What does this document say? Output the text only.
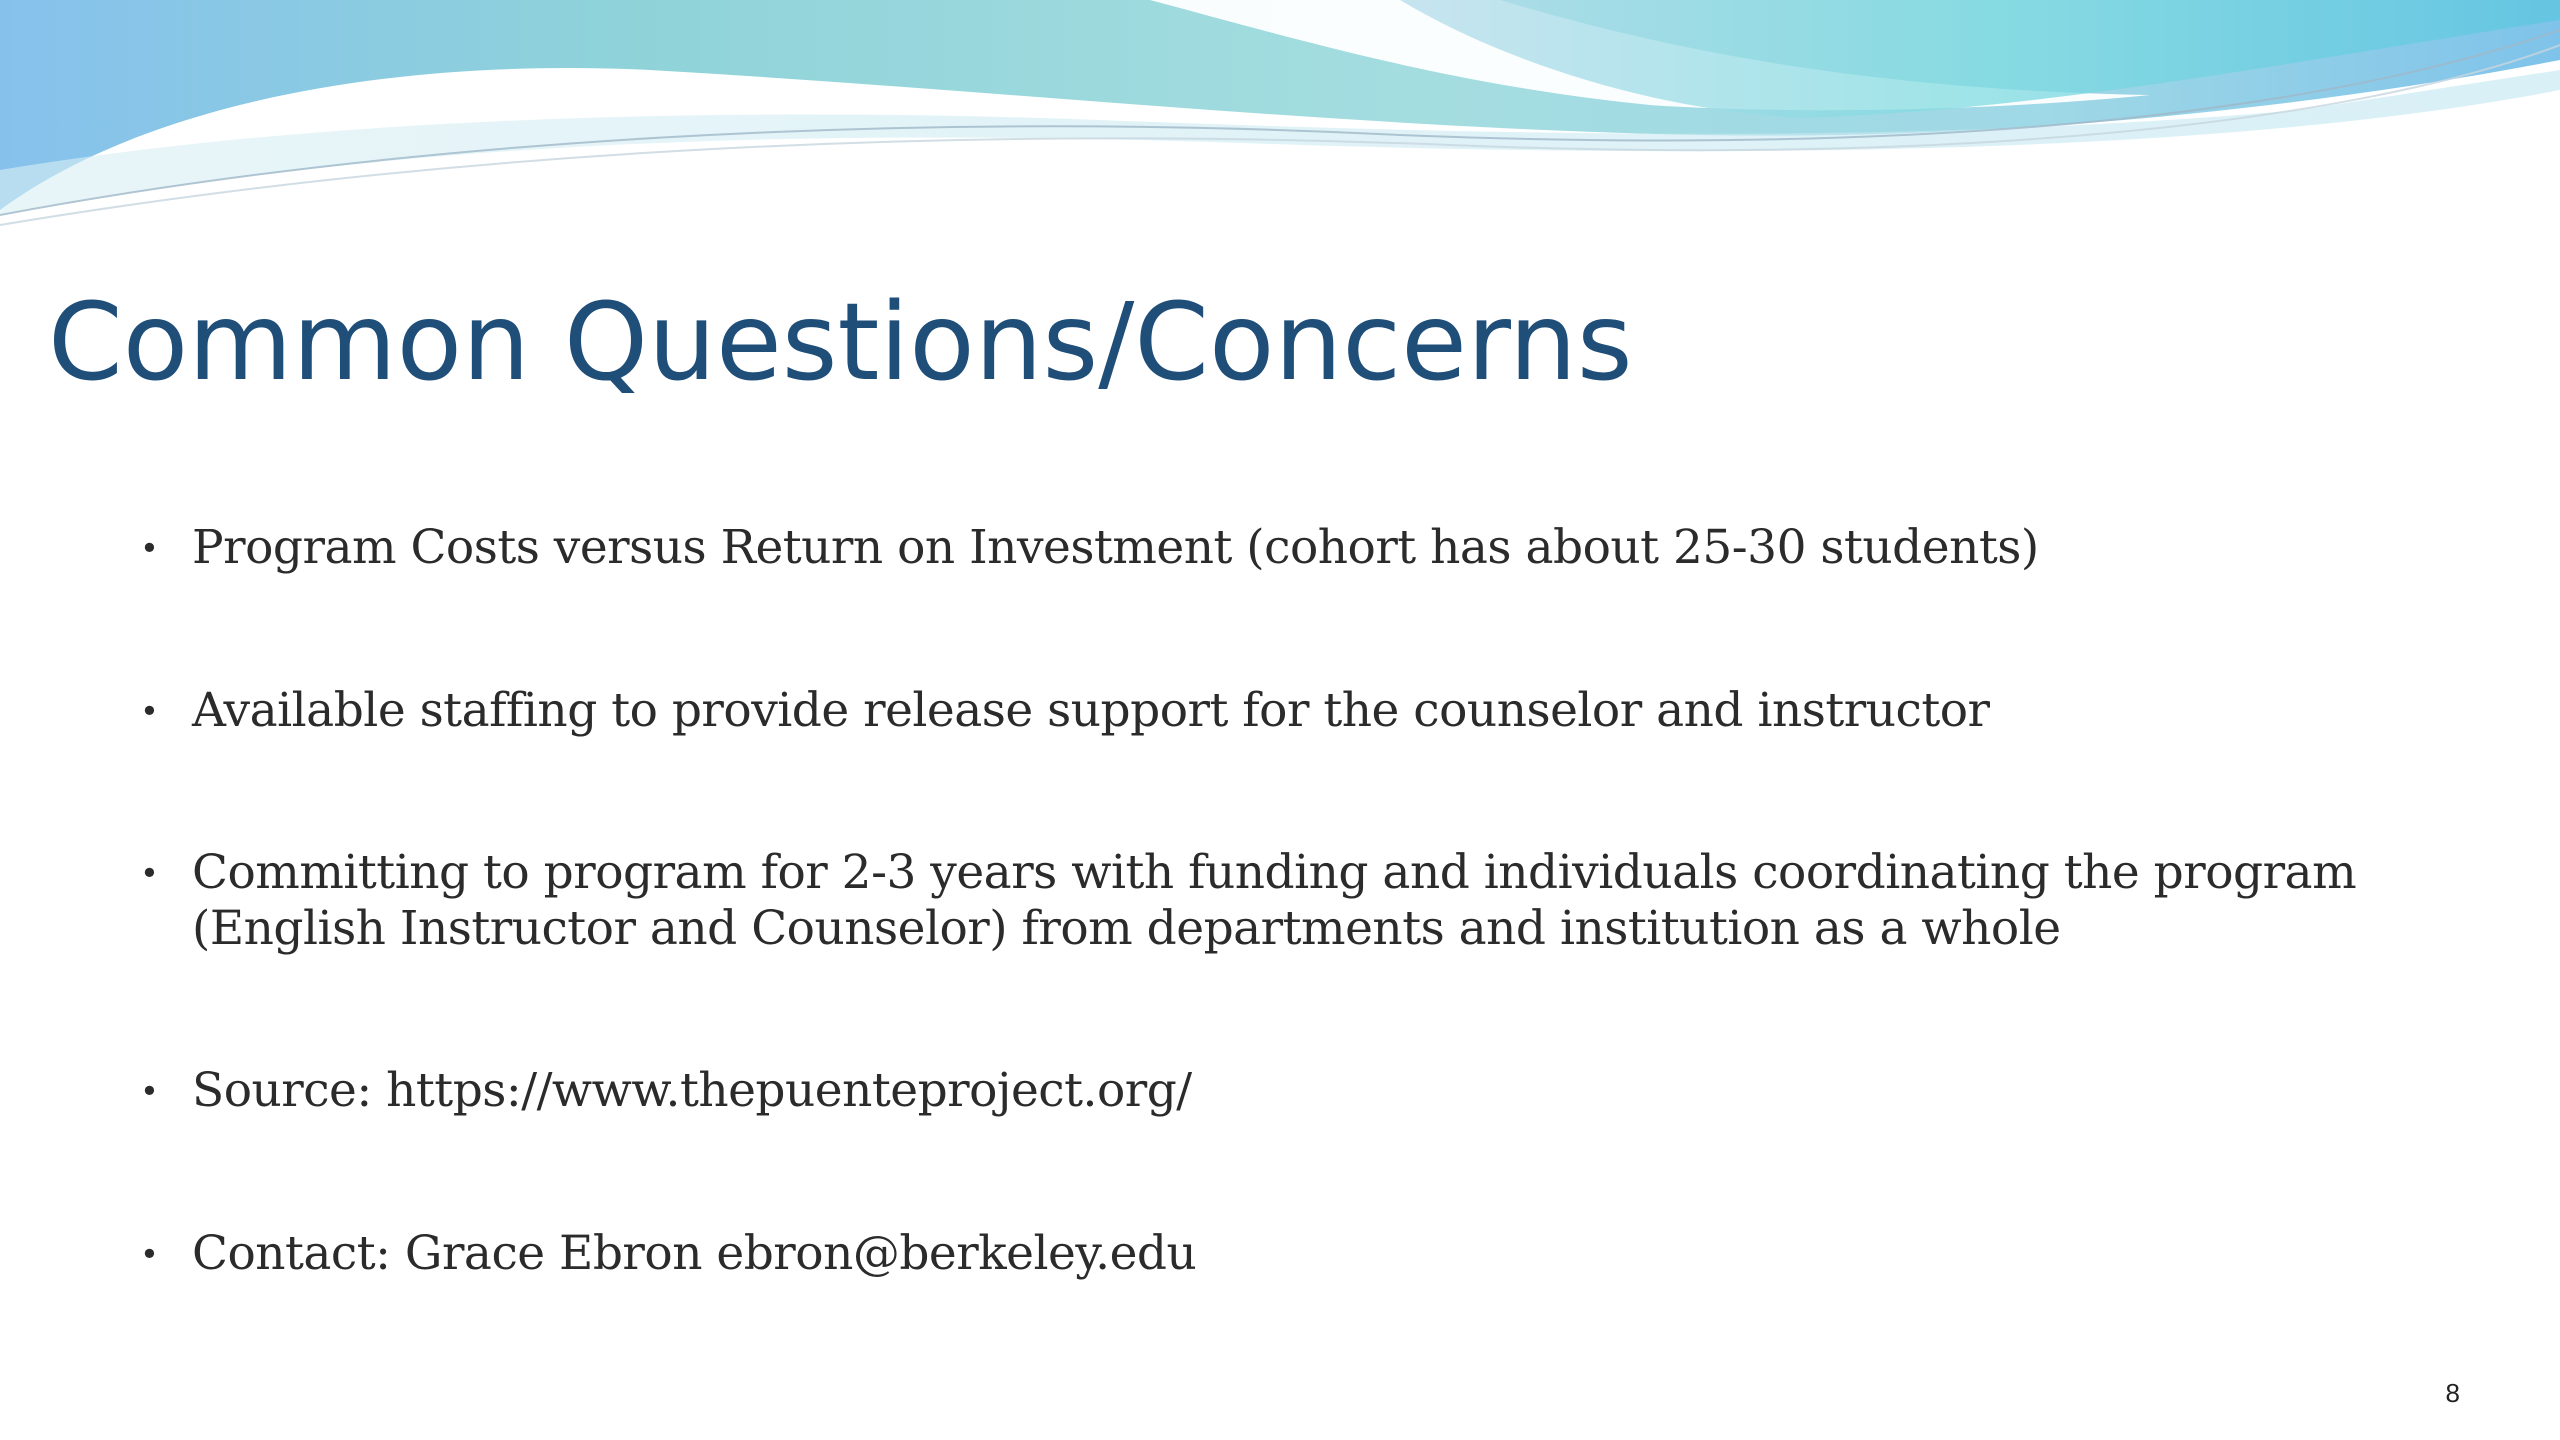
Common Questions/Concerns
• Program Costs versus Return on Investment (cohort has about 25-30 students)
• Available staffing to provide release support for the counselor and instructor
• Committing to program for 2-3 years with funding and individuals coordinating the program (English Instructor and Counselor) from departments and institution as a whole
• Source: https://www.thepuenteproject.org/
• Contact: Grace Ebron ebron@berkeley.edu
8
